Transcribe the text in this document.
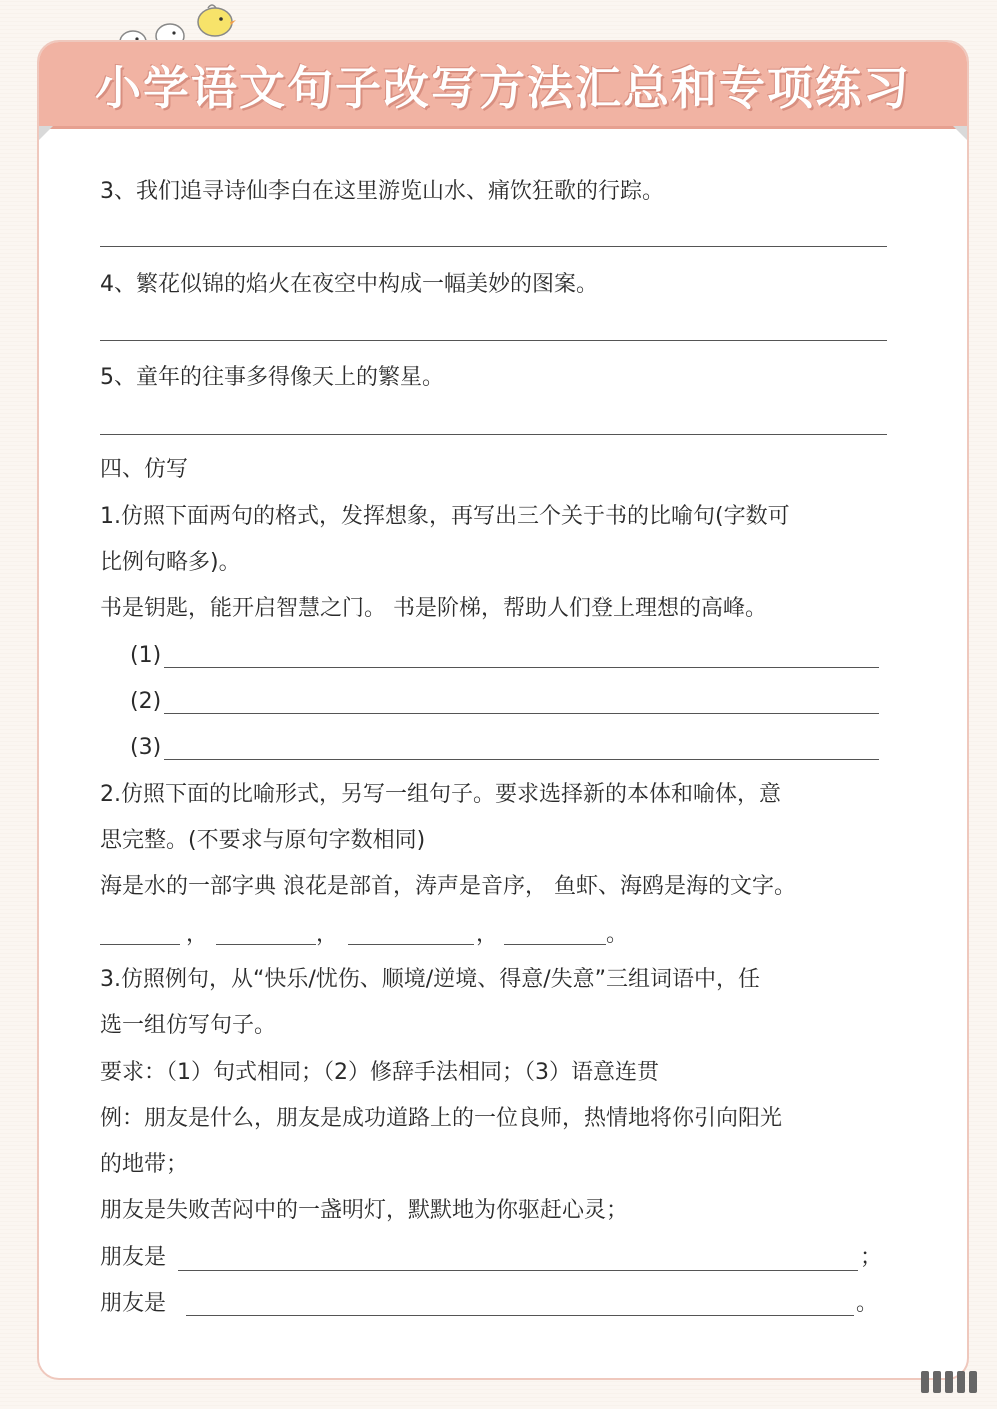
小学语文句子改写方法汇总和专项练习
3、我们追寻诗仙李白在这里游览山水、痛饮狂歌的行踪。
4、繁花似锦的焰火在夜空中构成一幅美妙的图案。
5、童年的往事多得像天上的繁星。
四、仿写
1.仿照下面两句的格式，发挥想象，再写出三个关于书的比喻句(字数可
比例句略多)。
书是钥匙，能开启智慧之门。 书是阶梯，帮助人们登上理想的高峰。
(1)
(2)
(3)
2.仿照下面的比喻形式，另写一组句子。要求选择新的本体和喻体，意
思完整。(不要求与原句字数相同)
海是水的一部字典 浪花是部首，涛声是音序， 鱼虾、海鸥是海的文字。
，	，	，	。
3.仿照例句，从“快乐/忧伤、顺境/逆境、得意/失意”三组词语中，任
选一组仿写句子。
要求：（1）句式相同；（2）修辞手法相同；（3）语意连贯
例：朋友是什么，朋友是成功道路上的一位良师，热情地将你引向阳光
的地带；
朋友是失败苦闷中的一盏明灯，默默地为你驱赶心灵；
朋友是	；
朋友是	。
